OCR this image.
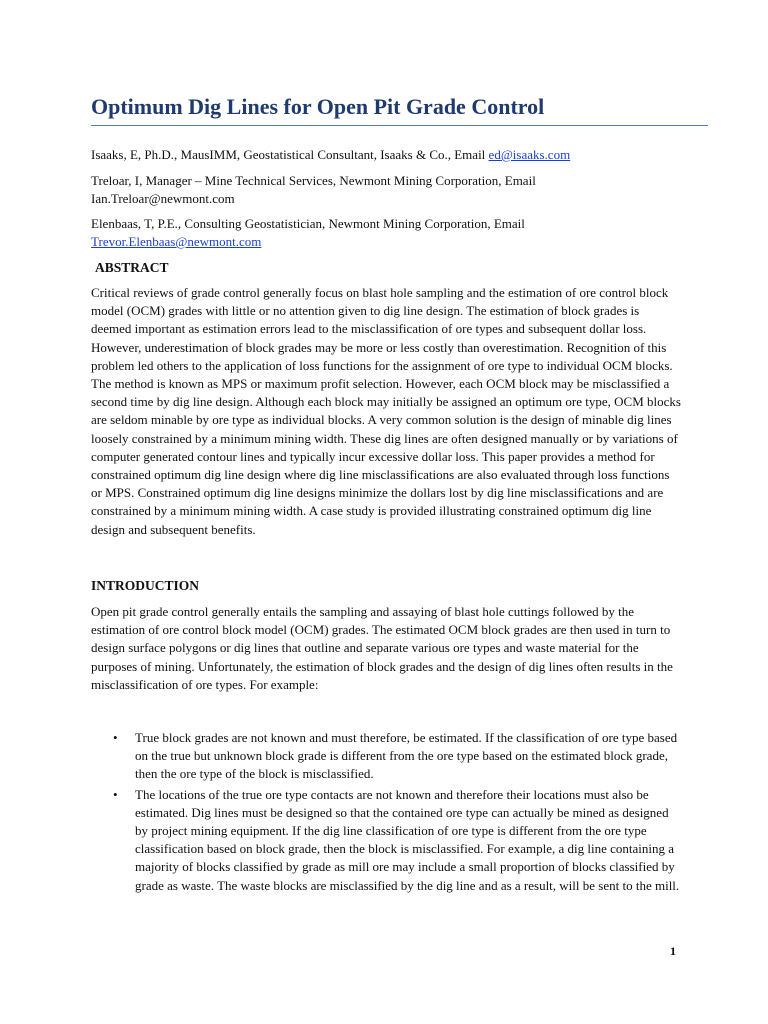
Optimum Dig Lines for Open Pit Grade Control

Isaaks, E, Ph.D., MausIMM, Geostatistical Consultant, Isaaks & Co., Email ed@isaaks.com

Treloar, I, Manager – Mine Technical Services, Newmont Mining Corporation, Email Ian.Treloar@newmont.com

Elenbaas, T, P.E., Consulting Geostatistician, Newmont Mining Corporation, Email Trevor.Elenbaas@newmont.com

ABSTRACT

Critical reviews of grade control generally focus on blast hole sampling and the estimation of ore control block model (OCM) grades with little or no attention given to dig line design. The estimation of block grades is deemed important as estimation errors lead to the misclassification of ore types and subsequent dollar loss. However, underestimation of block grades may be more or less costly than overestimation. Recognition of this problem led others to the application of loss functions for the assignment of ore type to individual OCM blocks. The method is known as MPS or maximum profit selection. However, each OCM block may be misclassified a second time by dig line design. Although each block may initially be assigned an optimum ore type, OCM blocks are seldom minable by ore type as individual blocks. A very common solution is the design of minable dig lines loosely constrained by a minimum mining width. These dig lines are often designed manually or by variations of computer generated contour lines and typically incur excessive dollar loss. This paper provides a method for constrained optimum dig line design where dig line misclassifications are also evaluated through loss functions or MPS. Constrained optimum dig line designs minimize the dollars lost by dig line misclassifications and are constrained by a minimum mining width. A case study is provided illustrating constrained optimum dig line design and subsequent benefits.

INTRODUCTION

Open pit grade control generally entails the sampling and assaying of blast hole cuttings followed by the estimation of ore control block model (OCM) grades. The estimated OCM block grades are then used in turn to design surface polygons or dig lines that outline and separate various ore types and waste material for the purposes of mining. Unfortunately, the estimation of block grades and the design of dig lines often results in the misclassification of ore types. For example:

• True block grades are not known and must therefore, be estimated. If the classification of ore type based on the true but unknown block grade is different from the ore type based on the estimated block grade, then the ore type of the block is misclassified.
• The locations of the true ore type contacts are not known and therefore their locations must also be estimated. Dig lines must be designed so that the contained ore type can actually be mined as designed by project mining equipment. If the dig line classification of ore type is different from the ore type classification based on block grade, then the block is misclassified. For example, a dig line containing a majority of blocks classified by grade as mill ore may include a small proportion of blocks classified by grade as waste. The waste blocks are misclassified by the dig line and as a result, will be sent to the mill.
1
